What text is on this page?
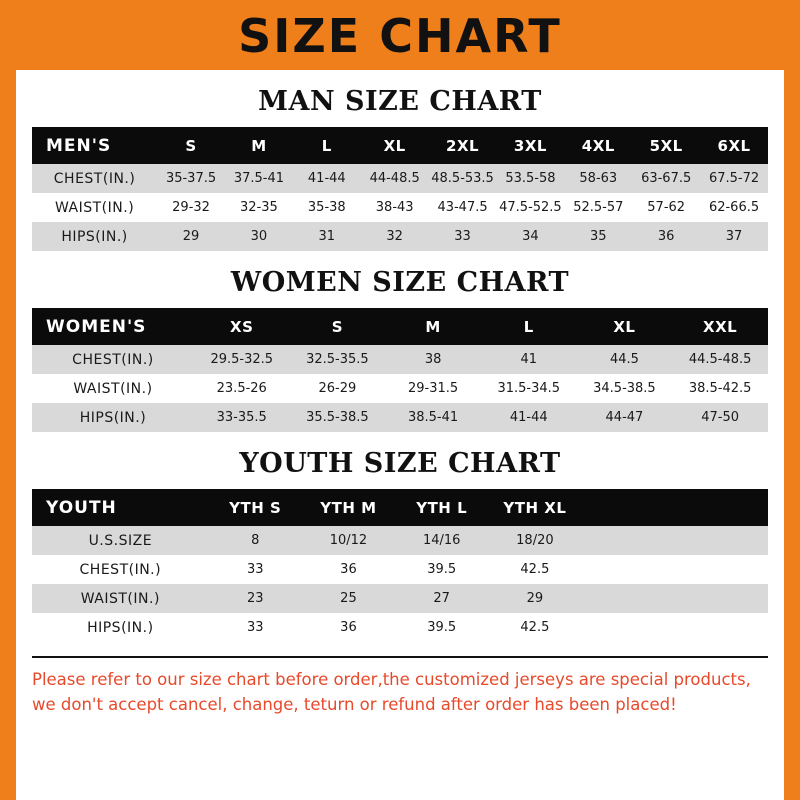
SIZE CHART
MAN SIZE CHART
MEN'S	S	M	L	XL	2XL	3XL	4XL	5XL	6XL
CHEST(IN.)	35-37.5	37.5-41	41-44	44-48.5	48.5-53.5	53.5-58	58-63	63-67.5	67.5-72
WAIST(IN.)	29-32	32-35	35-38	38-43	43-47.5	47.5-52.5	52.5-57	57-62	62-66.5
HIPS(IN.)	29	30	31	32	33	34	35	36	37
WOMEN SIZE CHART
WOMEN'S	XS	S	M	L	XL	XXL
CHEST(IN.)	29.5-32.5	32.5-35.5	38	41	44.5	44.5-48.5
WAIST(IN.)	23.5-26	26-29	29-31.5	31.5-34.5	34.5-38.5	38.5-42.5
HIPS(IN.)	33-35.5	35.5-38.5	38.5-41	41-44	44-47	47-50
YOUTH SIZE CHART
YOUTH	YTH S	YTH M	YTH L	YTH XL		
U.S.SIZE	8	10/12	14/16	18/20		
CHEST(IN.)	33	36	39.5	42.5		
WAIST(IN.)	23	25	27	29		
HIPS(IN.)	33	36	39.5	42.5		
Please refer to our size chart before order,the customized jerseys are special products,
we don't accept cancel, change, teturn or refund after order has been placed!
